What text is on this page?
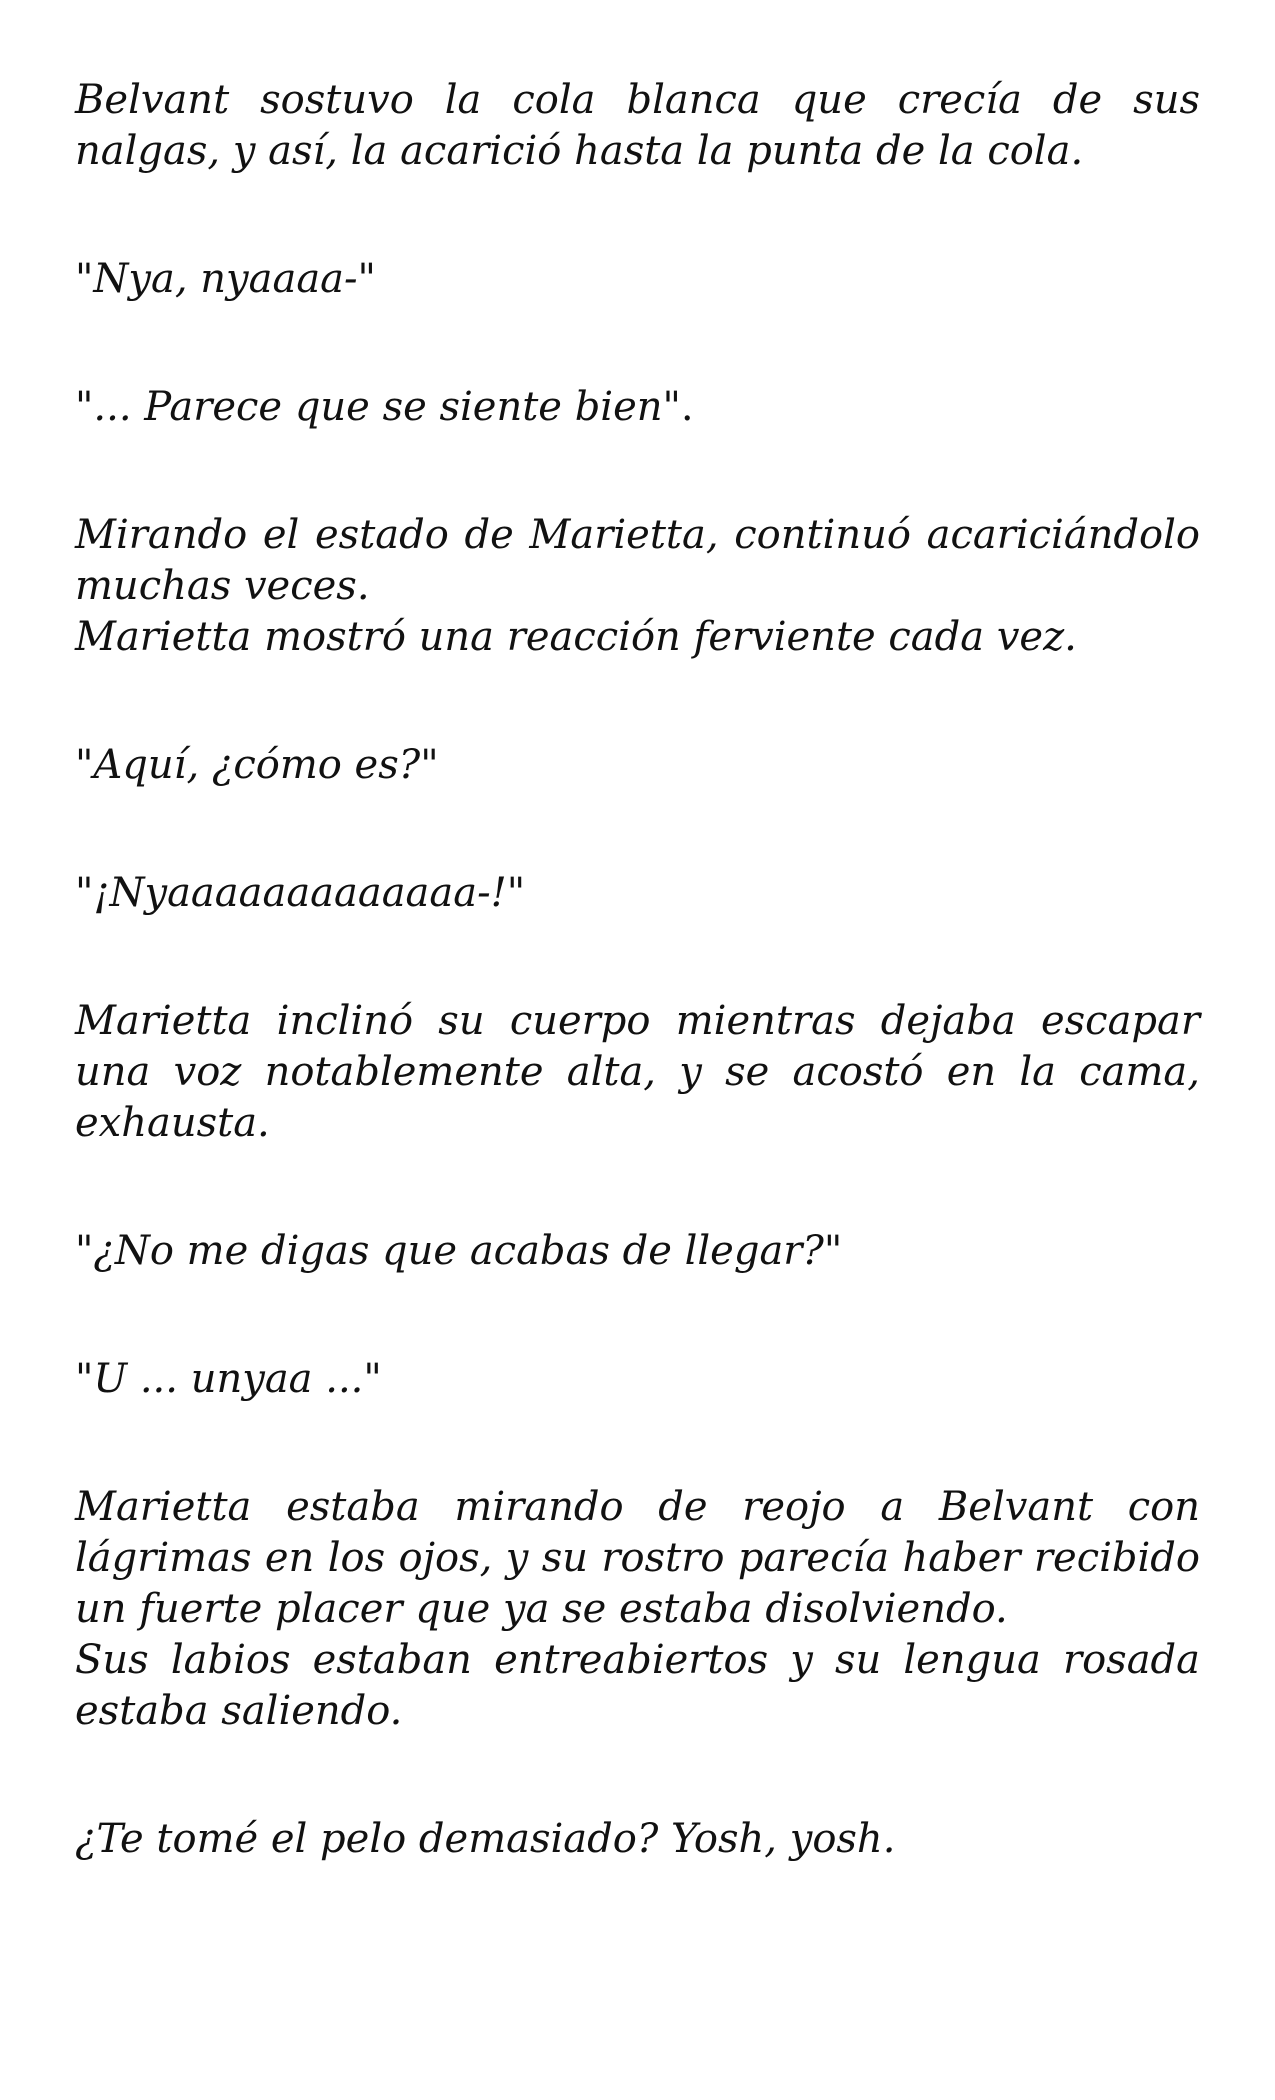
Belvant sostuvo la cola blanca que crecía de sus nalgas, y así, la acarició hasta la punta de la cola.

"Nya, nyaaaa-"

"... Parece que se siente bien".

Mirando el estado de Marietta, continuó acariciándolo muchas veces.
Marietta mostró una reacción ferviente cada vez.

"Aquí, ¿cómo es?"

"¡Nyaaaaaaaaaaaaa-!"

Marietta inclinó su cuerpo mientras dejaba escapar una voz notablemente alta, y se acostó en la cama, exhausta.

"¿No me digas que acabas de llegar?"

"U ... unyaa ..."

Marietta estaba mirando de reojo a Belvant con lágrimas en los ojos, y su rostro parecía haber recibido un fuerte placer que ya se estaba disolviendo.
Sus labios estaban entreabiertos y su lengua rosada estaba saliendo.

¿Te tomé el pelo demasiado? Yosh, yosh.
